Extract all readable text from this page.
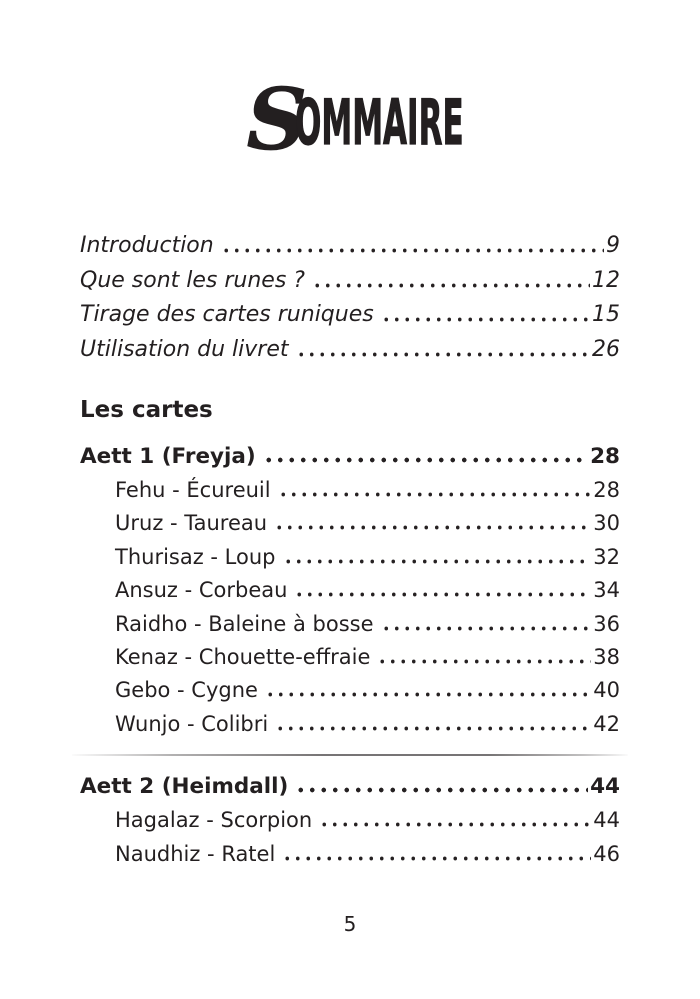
S
OMMAIRE
Introduction	9
Que sont les runes ?	12
Tirage des cartes runiques	15
Utilisation du livret	26
Les cartes
Aett 1 (Freyja)	28
Fehu - Écureuil	28
Uruz - Taureau	30
Thurisaz - Loup	32
Ansuz - Corbeau	34
Raidho - Baleine à bosse	36
Kenaz - Chouette-effraie	38
Gebo - Cygne	40
Wunjo - Colibri	42
Aett 2 (Heimdall)	44
Hagalaz - Scorpion	44
Naudhiz - Ratel	46
5
